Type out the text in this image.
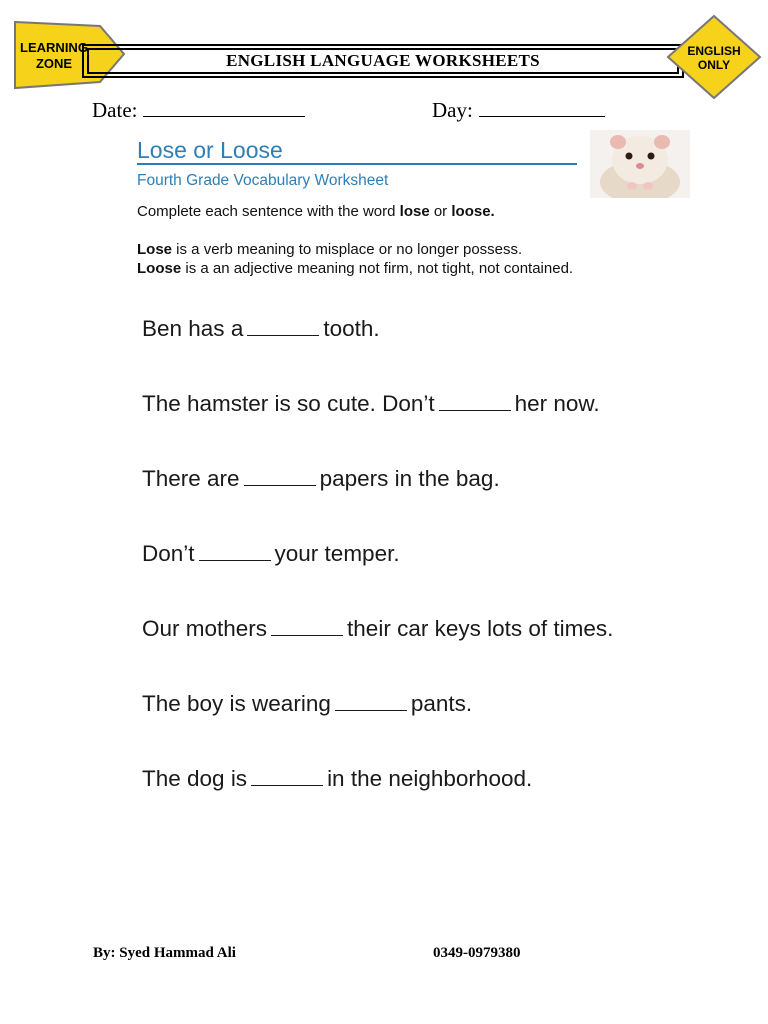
LEARNING
ZONE	ENGLISH LANGUAGE WORKSHEETS	ENGLISH
ONLY
Date:	Day:
Lose or Loose
Fourth Grade Vocabulary Worksheet
Complete each sentence with the word lose or loose.
Lose is a verb meaning to misplace or no longer possess.
Loose is a an adjective meaning not firm, not tight, not contained.
Ben has a	tooth.
The hamster is so cute. Don’t	her now.
There are	papers in the bag.
Don’t	your temper.
Our mothers	their car keys lots of times.
The boy is wearing	pants.
The dog is	in the neighborhood.
By: Syed Hammad Ali	0349-0979380
